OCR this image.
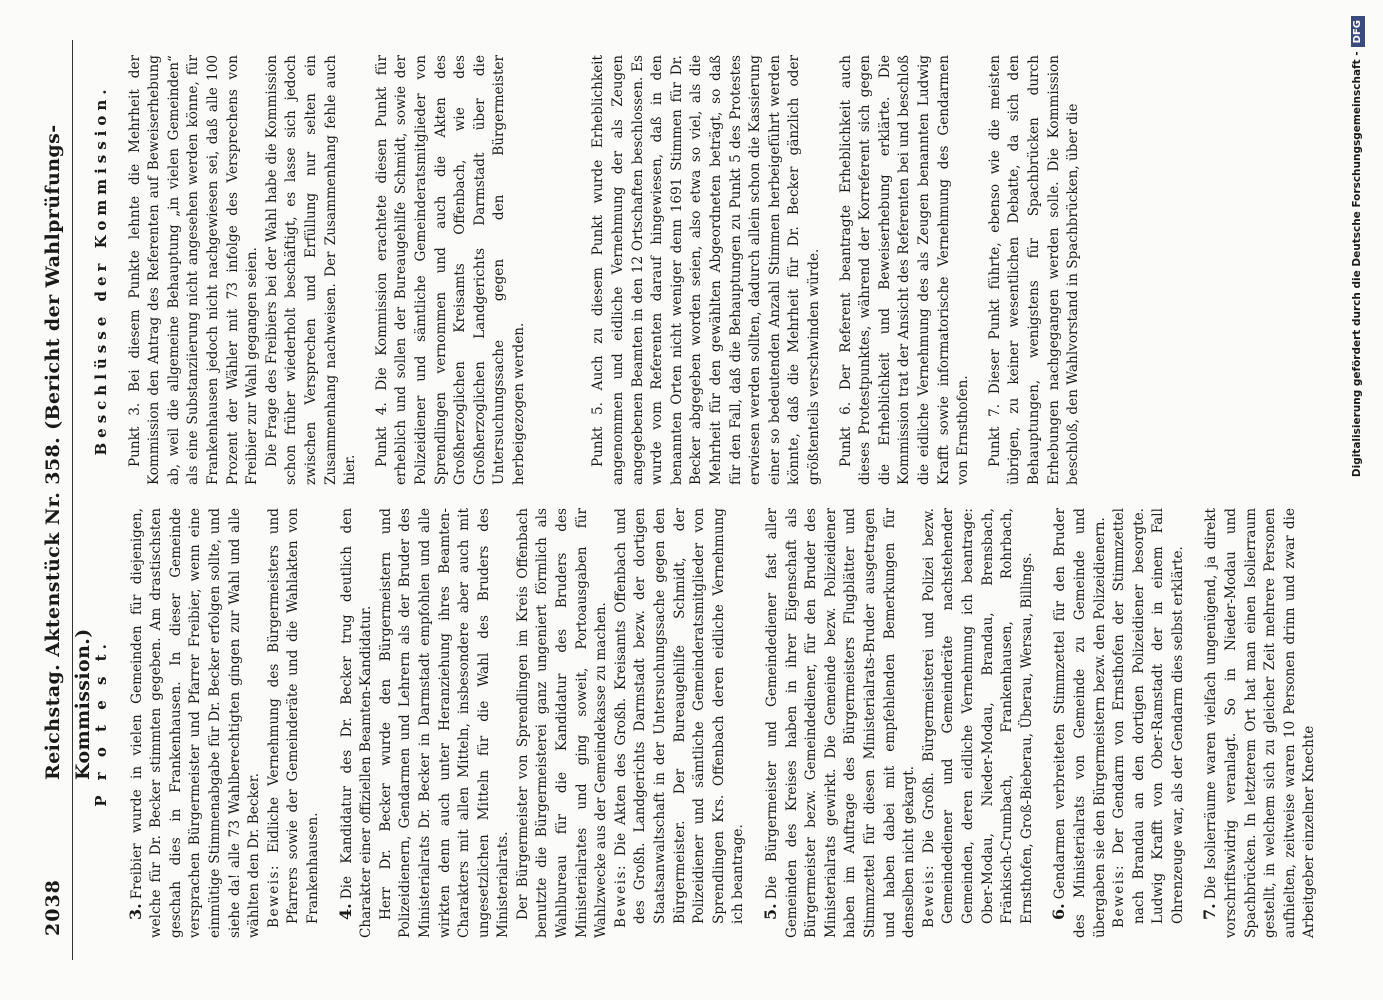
2038
Reichstag. Aktenstück Nr. 358. (Bericht der Wahlprüfungs-Kommission.)
P r o t e s t.

3.Freibier wurde in vielen Gemeinden für diejenigen, welche für Dr. Becker stimmten gegeben. Am drastischsten geschah dies in Frankenhausen. In dieser Gemeinde versprachen Bürgermeister und Pfarrer Freibier, wenn eine einmütige Stimmenabgabe für Dr. Becker erfolgen sollte, und siehe da! alle 73 Wahlberechtigten gingen zur Wahl und alle wählten den Dr. Becker. Beweis: Eidliche Vernehmung des Bürgermeisters und Pfarrers sowie der Gemeinderäte und die Wahlakten von Frankenhausen. 4.Die Kandidatur des Dr. Becker trug deutlich den Charakter einer offiziellen Beamten-Kandidatur. Herr Dr. Becker wurde den Bürgermeistern und Polizeidienern, Gendarmen und Lehrern als der Bruder des Ministerialrats Dr. Becker in Darmstadt empfohlen und alle wirkten denn auch unter Heranziehung ihres Beamten-Charakters mit allen Mitteln, insbesondere aber auch mit ungesetzlichen Mitteln für die Wahl des Bruders des Ministerialrats. Der Bürgermeister von Sprendlingen im Kreis Offenbach benutzte die Bürgermeisterei ganz ungeniert förmlich als Wahlbureau für die Kandidatur des Bruders des Ministerialrates und ging soweit, Portoausgaben für Wahlzwecke aus der Gemeindekasse zu machen. Beweis: Die Akten des Großh. Kreisamts Offenbach und des Großh. Landgerichts Darmstadt bezw. der dortigen Staatsanwaltschaft in der Untersuchungssache gegen den Bürgermeister. Der Bureaugehilfe Schmidt, der Polizeidiener und sämtliche Gemeinderatsmitglieder von Sprendlingen Krs. Offenbach deren eidliche Vernehmung ich beantrage. 5.Die Bürgermeister und Gemeindediener fast aller Gemeinden des Kreises haben in ihrer Eigenschaft als Bürgermeister bezw. Gemeindediener, für den Bruder des Ministerialrats gewirkt. Die Gemeinde bezw. Polizeidiener haben im Auftrage des Bürgermeisters Flugblätter und Stimmzettel für diesen Ministerialrats-Bruder ausgetragen und haben dabei mit empfehlenden Bemerkungen für denselben nicht gekargt. Beweis: Die Großh. Bürgermeisterei und Polizei bezw. Gemeindediener und Gemeinderäte nachstehender Gemeinden, deren eidliche Vernehmung ich beantrage: Ober-Modau, Nieder-Modau, Brandau, Brensbach, Fränkisch-Crumbach, Frankenhausen, Rohrbach, Ernsthofen, Groß-Bieberau, Überau, Wersau, Billings. 6.Gendarmen verbreiteten Stimmzettel für den Bruder des Ministerialrats von Gemeinde zu Gemeinde und übergaben sie den Bürgermeistern bezw. den Polizeidienern. Beweis: Der Gendarm von Ernsthofen der Stimmzettel nach Brandau an den dortigen Polizeidiener besorgte. Ludwig Krafft von Ober-Ramstadt der in einem Fall Ohrenzeuge war, als der Gendarm dies selbst erklärte. 7.Die Isolierräume waren vielfach ungenügend, ja direkt vorschriftswidrig veranlagt. So in Nieder-Modau und Spachbrücken. In letzterem Ort hat man einen Isolierraum gestellt, in welchem sich zu gleicher Zeit mehrere Personen aufhielten, zeitweise waren 10 Personen drinn und zwar die Arbeitgeber einzelner Knechte

Beschlüsse der Kommission. Punkt 3. Bei diesem Punkte lehnte die Mehrheit der Kommission den Antrag des Referenten auf Beweiserhebung ab, weil die allgemeine Behauptung „in vielen Gemeinden“ als eine Substanziierung nicht angesehen werden könne, für Frankenhausen jedoch nicht nachgewiesen sei, daß alle 100 Prozent der Wähler mit 73 infolge des Versprechens von Freibier zur Wahl gegangen seien. Die Frage des Freibiers bei der Wahl habe die Kommission schon früher wiederholt beschäftigt, es lasse sich jedoch zwischen Versprechen und Erfüllung nur selten ein Zusammenhang nachweisen. Der Zusammenhang fehle auch hier.

Punkt 4. Die Kommission erachtete diesen Punkt für erheblich und sollen der Bureaugehilfe Schmidt, sowie der Polizeidiener und sämtliche Gemeinderatsmitglieder von Sprendlingen vernommen und auch die Akten des Großherzoglichen Kreisamts Offenbach, wie des Großherzoglichen Landgerichts Darmstadt über die Untersuchungssache gegen den Bürgermeister herbeigezogen werden.	Punkt 5. Auch zu diesem Punkt wurde Erheblichkeit angenommen und eidliche Vernehmung der als Zeugen angegebenen Beamten in den 12 Ortschaften beschlossen. Es wurde vom Referenten darauf hingewiesen, daß in den benannten Orten nicht weniger denn 1691 Stimmen für Dr. Becker abgegeben worden seien, also etwa so viel, als die Mehrheit für den gewählten Abgeordneten beträgt, so daß für den Fall, daß die Behauptungen zu Punkt 5 des Protestes erwiesen werden sollten, dadurch allein schon die Kassierung einer so bedeutenden Anzahl Stimmen herbeigeführt werden könnte, daß die Mehrheit für Dr. Becker gänzlich oder größtenteils verschwinden würde. Punkt 6. Der Referent beantragte Erheblichkeit auch dieses Protestpunktes, während der Korreferent sich gegen die Erheblichkeit und Beweiserhebung erklärte. Die Kommission trat der Ansicht des Referenten bei und beschloß die eidliche Vernehmung des als Zeugen benannten Ludwig Krafft sowie informatorische Vernehmung des Gendarmen von Ernsthofen. Punkt 7. Dieser Punkt führte, ebenso wie die meisten übrigen, zu keiner wesentlichen Debatte, da sich den Behauptungen, wenigstens für Spachbrücken durch Erhebungen nachgegangen werden solle. Die Kommission beschloß, den Wahlvorstand in Spachbrücken, über die	Digitalisierung gefördert durch die Deutsche Forschungsgemeinschaft -DFG
